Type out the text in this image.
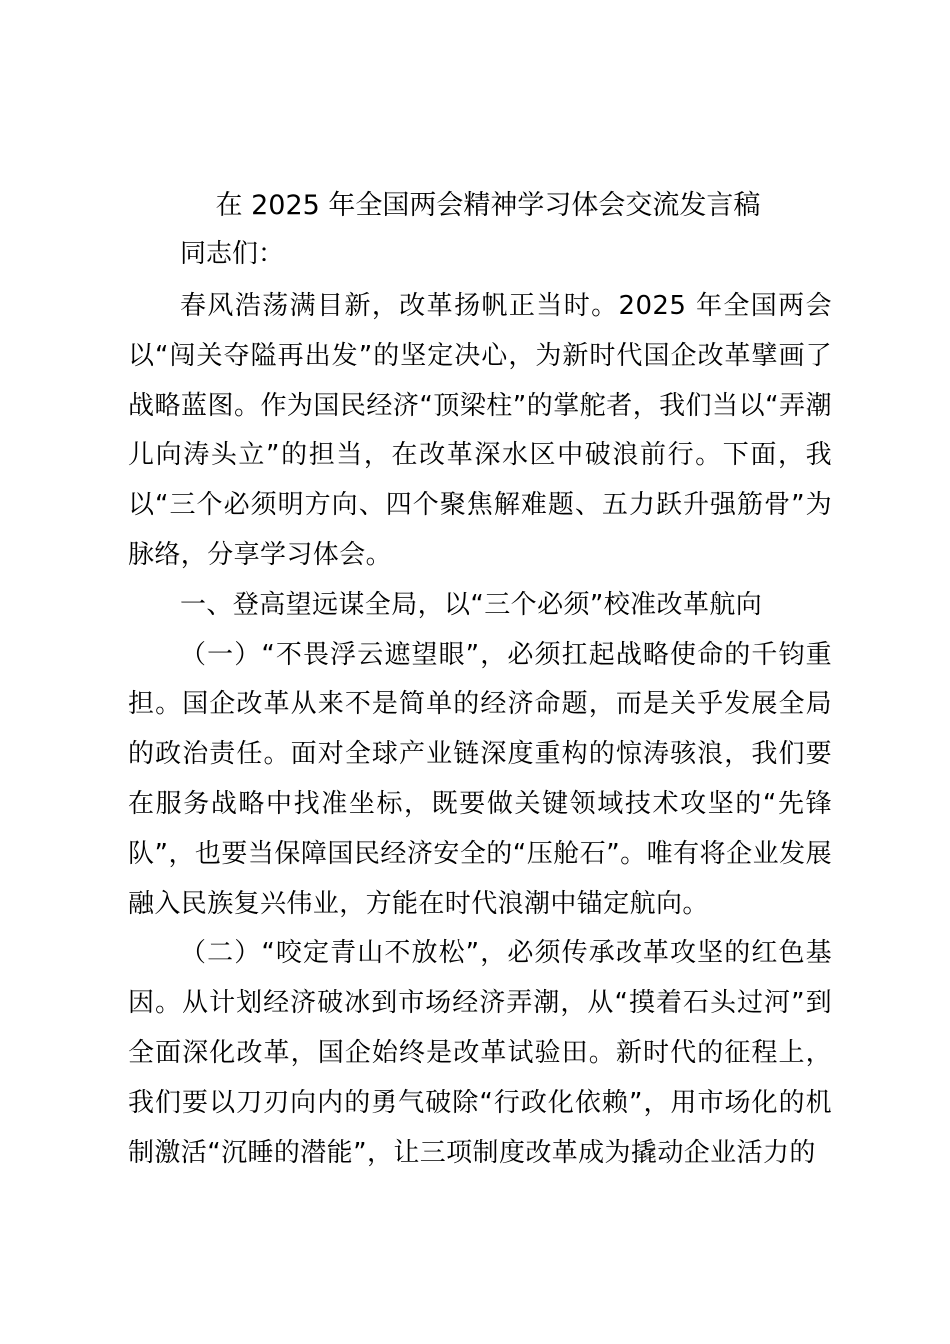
在 2025 年全国两会精神学习体会交流发言稿

同志们：

春风浩荡满目新，改革扬帆正当时。2025 年全国两会以“闯关夺隘再出发”的坚定决心，为新时代国企改革擘画了战略蓝图。作为国民经济“顶梁柱”的掌舵者，我们当以“弄潮儿向涛头立”的担当，在改革深水区中破浪前行。下面，我以“三个必须明方向、四个聚焦解难题、五力跃升强筋骨”为脉络，分享学习体会。

一、登高望远谋全局，以“三个必须”校准改革航向

（一）“不畏浮云遮望眼”，必须扛起战略使命的千钧重担。国企改革从来不是简单的经济命题，而是关乎发展全局的政治责任。面对全球产业链深度重构的惊涛骇浪，我们要在服务战略中找准坐标，既要做关键领域技术攻坚的“先锋队”，也要当保障国民经济安全的“压舱石”。唯有将企业发展融入民族复兴伟业，方能在时代浪潮中锚定航向。

（二）“咬定青山不放松”，必须传承改革攻坚的红色基因。从计划经济破冰到市场经济弄潮，从“摸着石头过河”到全面深化改革，国企始终是改革试验田。新时代的征程上，我们要以刀刃向内的勇气破除“行政化依赖”，用市场化的机制激活“沉睡的潜能”，让三项制度改革成为撬动企业活力的
